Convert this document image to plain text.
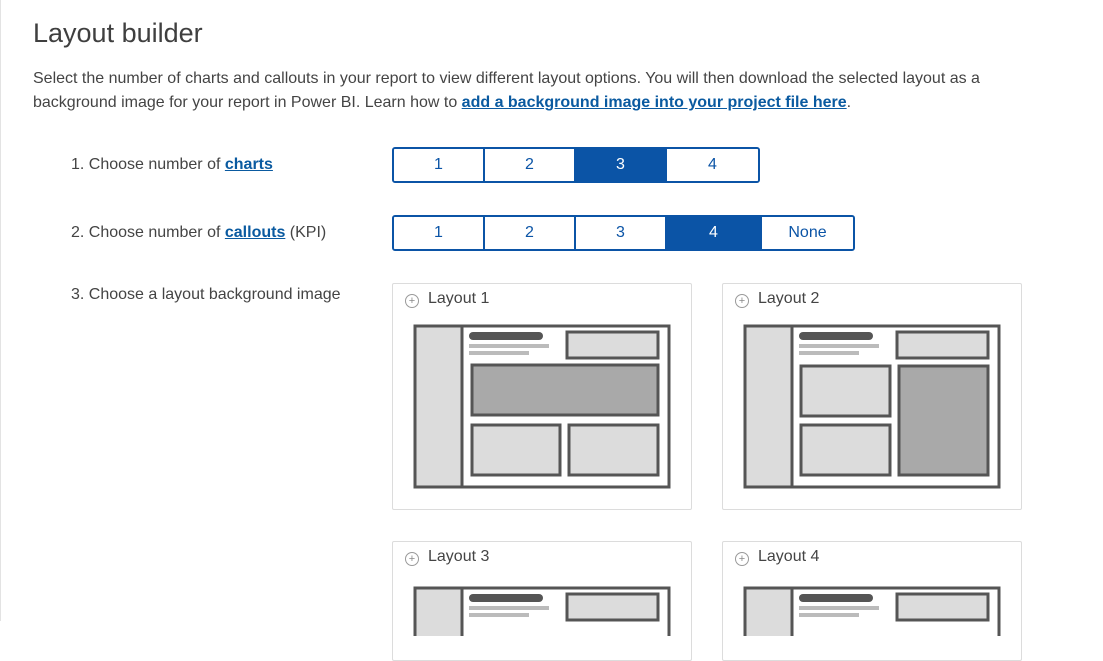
Layout builder

Select the number of charts and callouts in your report to view different layout options. You will then download the selected layout as a background image for your report in Power BI. Learn how to add a background image into your project file here.

1. Choose number of charts	1	2	3	4
2. Choose number of callouts (KPI)	1	2	3	4	None
3. Choose a layout background image	+ Layout 1	+ Layout 2
+ Layout 3	+ Layout 4
